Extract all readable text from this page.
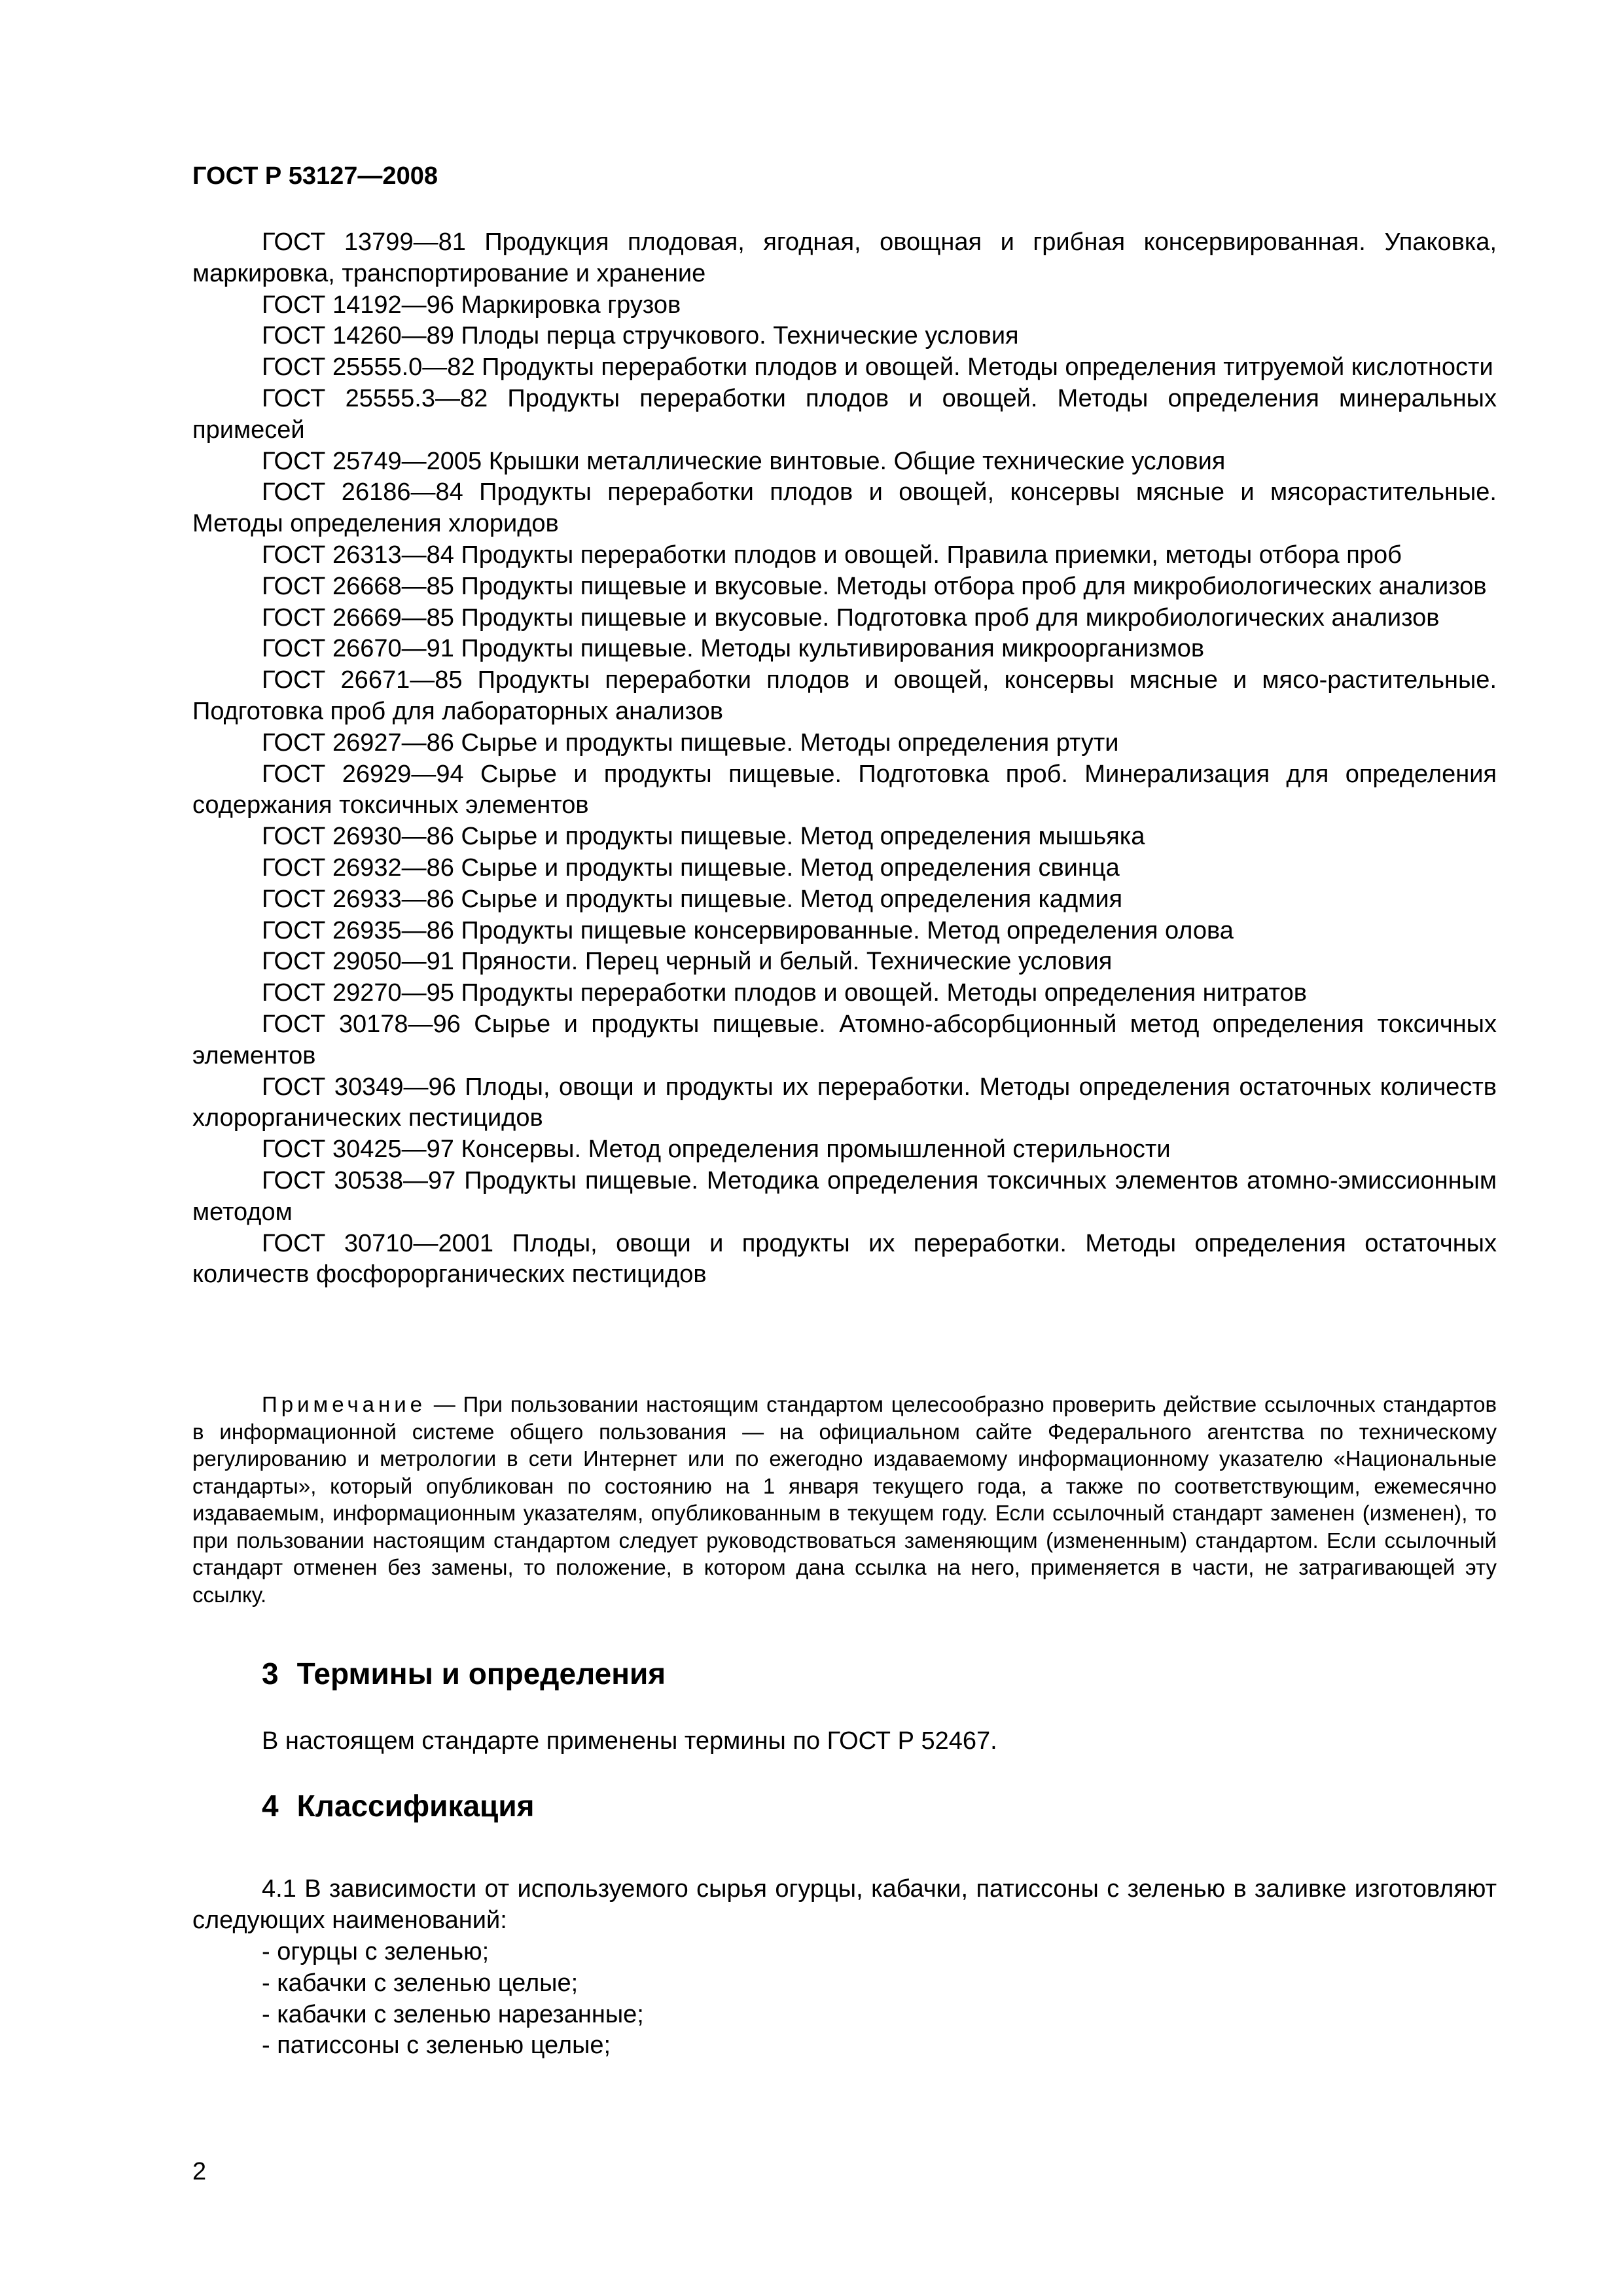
ГОСТ Р 53127—2008

ГОСТ 13799—81 Продукция плодовая, ягодная, овощная и грибная консервированная. Упаковка, маркировка, транспортирование и хранение

ГОСТ 14192—96 Маркировка грузов

ГОСТ 14260—89 Плоды перца стручкового. Технические условия

ГОСТ 25555.0—82 Продукты переработки плодов и овощей. Методы определения титруемой кислотности

ГОСТ 25555.3—82 Продукты переработки плодов и овощей. Методы определения минеральных примесей

ГОСТ 25749—2005 Крышки металлические винтовые. Общие технические условия

ГОСТ 26186—84 Продукты переработки плодов и овощей, консервы мясные и мясорастительные. Методы определения хлоридов

ГОСТ 26313—84 Продукты переработки плодов и овощей. Правила приемки, методы отбора проб

ГОСТ 26668—85 Продукты пищевые и вкусовые. Методы отбора проб для микробиологических анализов

ГОСТ 26669—85 Продукты пищевые и вкусовые. Подготовка проб для микробиологических анализов

ГОСТ 26670—91 Продукты пищевые. Методы культивирования микроорганизмов

ГОСТ 26671—85 Продукты переработки плодов и овощей, консервы мясные и мясо-растительные. Подготовка проб для лабораторных анализов

ГОСТ 26927—86 Сырье и продукты пищевые. Методы определения ртути

ГОСТ 26929—94 Сырье и продукты пищевые. Подготовка проб. Минерализация для определения содержания токсичных элементов

ГОСТ 26930—86 Сырье и продукты пищевые. Метод определения мышьяка

ГОСТ 26932—86 Сырье и продукты пищевые. Метод определения свинца

ГОСТ 26933—86 Сырье и продукты пищевые. Метод определения кадмия

ГОСТ 26935—86 Продукты пищевые консервированные. Метод определения олова

ГОСТ 29050—91 Пряности. Перец черный и белый. Технические условия

ГОСТ 29270—95 Продукты переработки плодов и овощей. Методы определения нитратов

ГОСТ 30178—96 Сырье и продукты пищевые. Атомно-абсорбционный метод определения токсичных элементов

ГОСТ 30349—96 Плоды, овощи и продукты их переработки. Методы определения остаточных количеств хлорорганических пестицидов

ГОСТ 30425—97 Консервы. Метод определения промышленной стерильности

ГОСТ 30538—97 Продукты пищевые. Методика определения токсичных элементов атомно-эмиссионным методом

ГОСТ 30710—2001 Плоды, овощи и продукты их переработки. Методы определения остаточных количеств фосфорорганических пестицидов

Примечание — При пользовании настоящим стандартом целесообразно проверить действие ссылочных стандартов в информационной системе общего пользования — на официальном сайте Федерального агентства по техническому регулированию и метрологии в сети Интернет или по ежегодно издаваемому информационному указателю «Национальные стандарты», который опубликован по состоянию на 1 января текущего года, а также по соответствующим, ежемесячно издаваемым, информационным указателям, опубликованным в текущем году. Если ссылочный стандарт заменен (изменен), то при пользовании настоящим стандартом следует руководствоваться заменяющим (измененным) стандартом. Если ссылочный стандарт отменен без замены, то положение, в котором дана ссылка на него, применяется в части, не затрагивающей эту ссылку.

3 Термины и определения

В настоящем стандарте применены термины по ГОСТ Р 52467.

4 Классификация

4.1 В зависимости от используемого сырья огурцы, кабачки, патиссоны с зеленью в заливке изготовляют следующих наименований:

- огурцы с зеленью;
- кабачки с зеленью целые;
- кабачки с зеленью нарезанные;
- патиссоны с зеленью целые;
2
